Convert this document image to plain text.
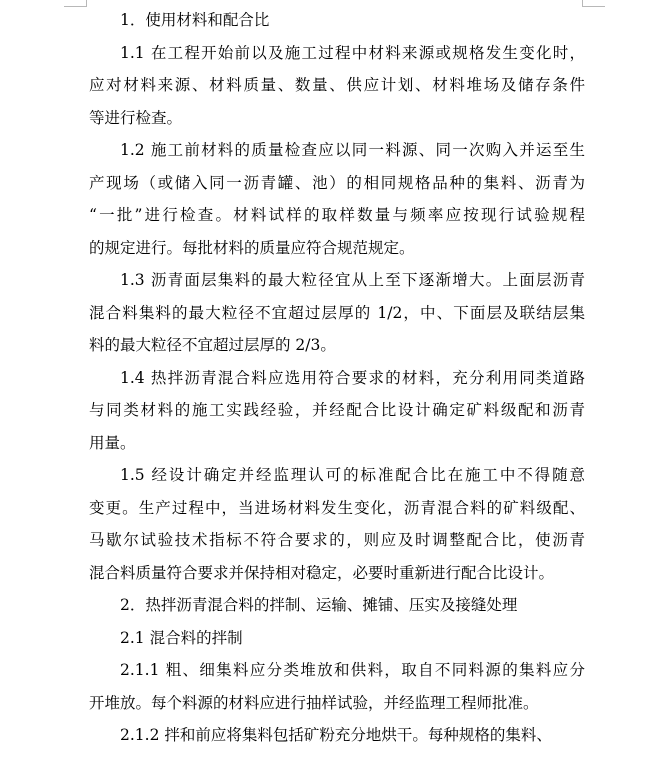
1．使用材料和配合比
1.1 在工程开始前以及施工过程中材料来源或规格发生变化时，
应对材料来源、材料质量、数量、供应计划、材料堆场及储存条件
等进行检查。
1.2 施工前材料的质量检查应以同一料源、同一次购入并运至生
产现场（或储入同一沥青罐、池）的相同规格品种的集料、沥青为
“一批”进行检查。材料试样的取样数量与频率应按现行试验规程
的规定进行。每批材料的质量应符合规范规定。
1.3 沥青面层集料的最大粒径宜从上至下逐渐增大。上面层沥青
混合料集料的最大粒径不宜超过层厚的 1/2，中、下面层及联结层集
料的最大粒径不宜超过层厚的 2/3。
1.4 热拌沥青混合料应选用符合要求的材料，充分利用同类道路
与同类材料的施工实践经验，并经配合比设计确定矿料级配和沥青
用量。
1.5 经设计确定并经监理认可的标准配合比在施工中不得随意
变更。生产过程中，当进场材料发生变化，沥青混合料的矿料级配、
马歇尔试验技术指标不符合要求的，则应及时调整配合比，使沥青
混合料质量符合要求并保持相对稳定，必要时重新进行配合比设计。
2．热拌沥青混合料的拌制、运输、摊铺、压实及接缝处理
2.1 混合料的拌制
2.1.1 粗、细集料应分类堆放和供料，取自不同料源的集料应分
开堆放。每个料源的材料应进行抽样试验，并经监理工程师批准。
2.1.2 拌和前应将集料包括矿粉充分地烘干。每种规格的集料、
